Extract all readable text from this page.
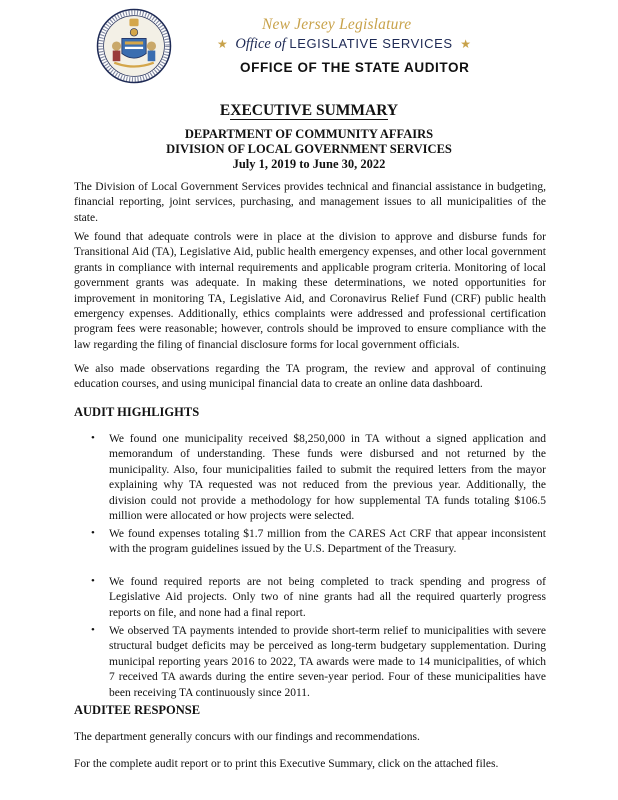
New Jersey Legislature
★ Office of LEGISLATIVE SERVICES ★
OFFICE OF THE STATE AUDITOR
EXECUTIVE SUMMARY
DEPARTMENT OF COMMUNITY AFFAIRS
DIVISION OF LOCAL GOVERNMENT SERVICES
July 1, 2019 to June 30, 2022

The Division of Local Government Services provides technical and financial assistance in budgeting, financial reporting, joint services, purchasing, and management issues to all municipalities of the state.

We found that adequate controls were in place at the division to approve and disburse funds for Transitional Aid (TA), Legislative Aid, public health emergency expenses, and other local government grants in compliance with internal requirements and applicable program criteria. Monitoring of local government grants was adequate. In making these determinations, we noted opportunities for improvement in monitoring TA, Legislative Aid, and Coronavirus Relief Fund (CRF) public health emergency expenses. Additionally, ethics complaints were addressed and professional certification program fees were reasonable; however, controls should be improved to ensure compliance with the law regarding the filing of financial disclosure forms for local government officials.

We also made observations regarding the TA program, the review and approval of continuing education courses, and using municipal financial data to create an online data dashboard.

AUDIT HIGHLIGHTS
• We found one municipality received $8,250,000 in TA without a signed application and memorandum of understanding. These funds were disbursed and not returned by the municipality. Also, four municipalities failed to submit the required letters from the mayor explaining why TA requested was not reduced from the previous year. Additionally, the division could not provide a methodology for how supplemental TA funds totaling $106.5 million were allocated or how projects were selected.

• We found expenses totaling $1.7 million from the CARES Act CRF that appear inconsistent with the program guidelines issued by the U.S. Department of the Treasury.

• We found required reports are not being completed to track spending and progress of Legislative Aid projects. Only two of nine grants had all the required quarterly progress reports on file, and none had a final report.

• We observed TA payments intended to provide short-term relief to municipalities with severe structural budget deficits may be perceived as long-term budgetary supplementation. During municipal reporting years 2016 to 2022, TA awards were made to 14 municipalities, of which 7 received TA awards during the entire seven-year period. Four of these municipalities have been receiving TA continuously since 2011.

AUDITEE RESPONSE

The department generally concurs with our findings and recommendations.

For the complete audit report or to print this Executive Summary, click on the attached files.
